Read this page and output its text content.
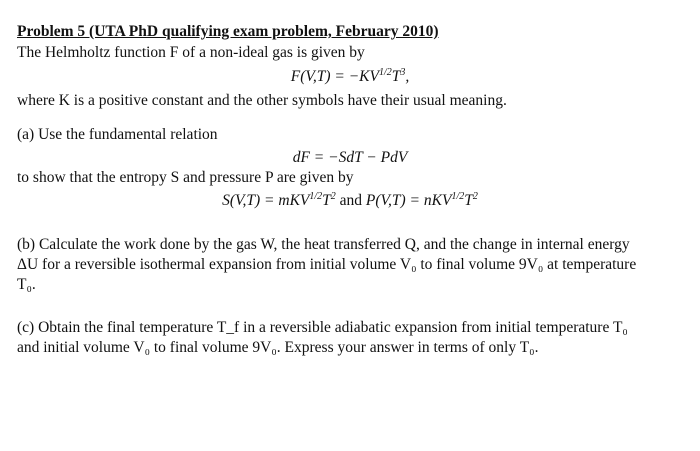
Problem 5 (UTA PhD qualifying exam problem, February 2010)
The Helmholtz function F of a non-ideal gas is given by
$F(V,T) = -KV^{1/2}T^3$,
where K is a positive constant and the other symbols have their usual meaning.
(a) Use the fundamental relation
dF = −SdT − PdV
to show that the entropy S and pressure P are given by
$S(V,T) = mKV^{1/2}T^2$ and $P(V,T) = nKV^{1/2}T^2$
(b) Calculate the work done by the gas W, the heat transferred Q, and the change in internal energy
ΔU for a reversible isothermal expansion from initial volume V₀ to final volume 9V₀ at temperature
T₀.
(c) Obtain the final temperature T_f in a reversible adiabatic expansion from initial temperature T₀
and initial volume V₀ to final volume 9V₀. Express your answer in terms of only T₀.
